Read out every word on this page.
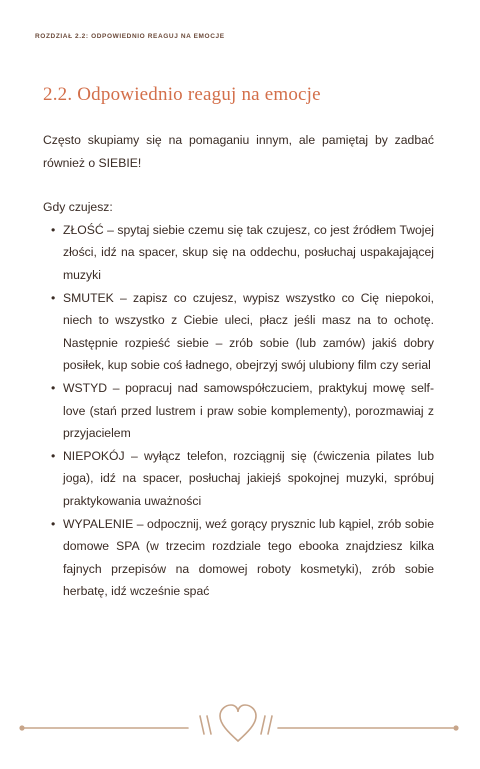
ROZDZIAŁ 2.2: ODPOWIEDNIO REAGUJ NA EMOCJE
2.2. Odpowiednio reaguj na emocje

Często skupiamy się na pomaganiu innym, ale pamiętaj by zadbać również o SIEBIE!

Gdy czujesz:

• ZŁOŚĆ – spytaj siebie czemu się tak czujesz, co jest źródłem Twojej złości, idź na spacer, skup się na oddechu, posłuchaj uspakajającej muzyki
• SMUTEK – zapisz co czujesz, wypisz wszystko co Cię niepokoi, niech to wszystko z Ciebie uleci, płacz jeśli masz na to ochotę. Następnie rozpieść siebie – zrób sobie (lub zamów) jakiś dobry posiłek, kup sobie coś ładnego, obejrzyj swój ulubiony film czy serial
• WSTYD – popracuj nad samowspółczuciem, praktykuj mowę self-love (stań przed lustrem i praw sobie komplementy), porozmawiaj z przyjacielem
• NIEPOKÓJ – wyłącz telefon, rozciągnij się (ćwiczenia pilates lub joga), idź na spacer, posłuchaj jakiejś spokojnej muzyki, spróbuj praktykowania uważności
• WYPALENIE – odpocznij, weź gorący prysznic lub kąpiel, zrób sobie domowe SPA (w trzecim rozdziale tego ebooka znajdziesz kilka fajnych przepisów na domowej roboty kosmetyki), zrób sobie herbatę, idź wcześnie spać
